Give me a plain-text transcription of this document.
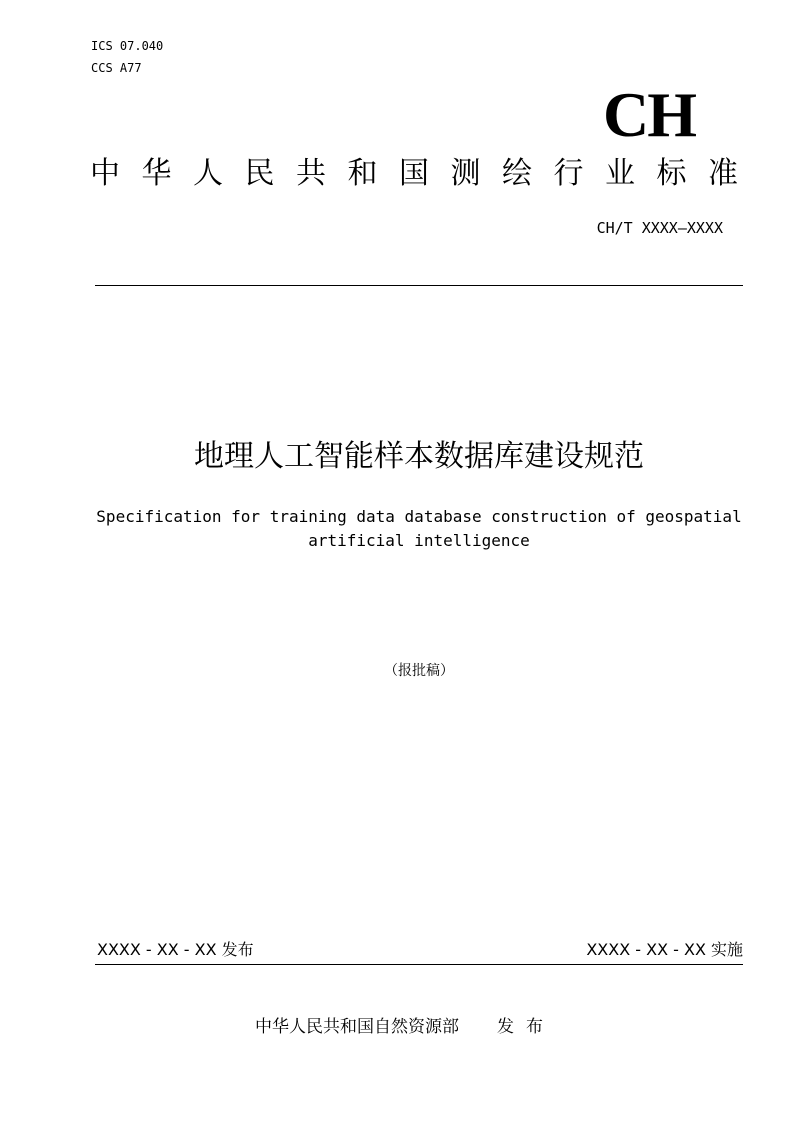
ICS 07.040
CCS A77
CH
中 华 人 民 共 和 国 测 绘 行 业 标 准
CH/T XXXX—XXXX
地理人工智能样本数据库建设规范
Specification for training data database construction of geospatial artificial intelligence
（报批稿）
XXXX - XX - XX 发布	XXXX - XX - XX 实施
中华人民共和国自然资源部 发布
